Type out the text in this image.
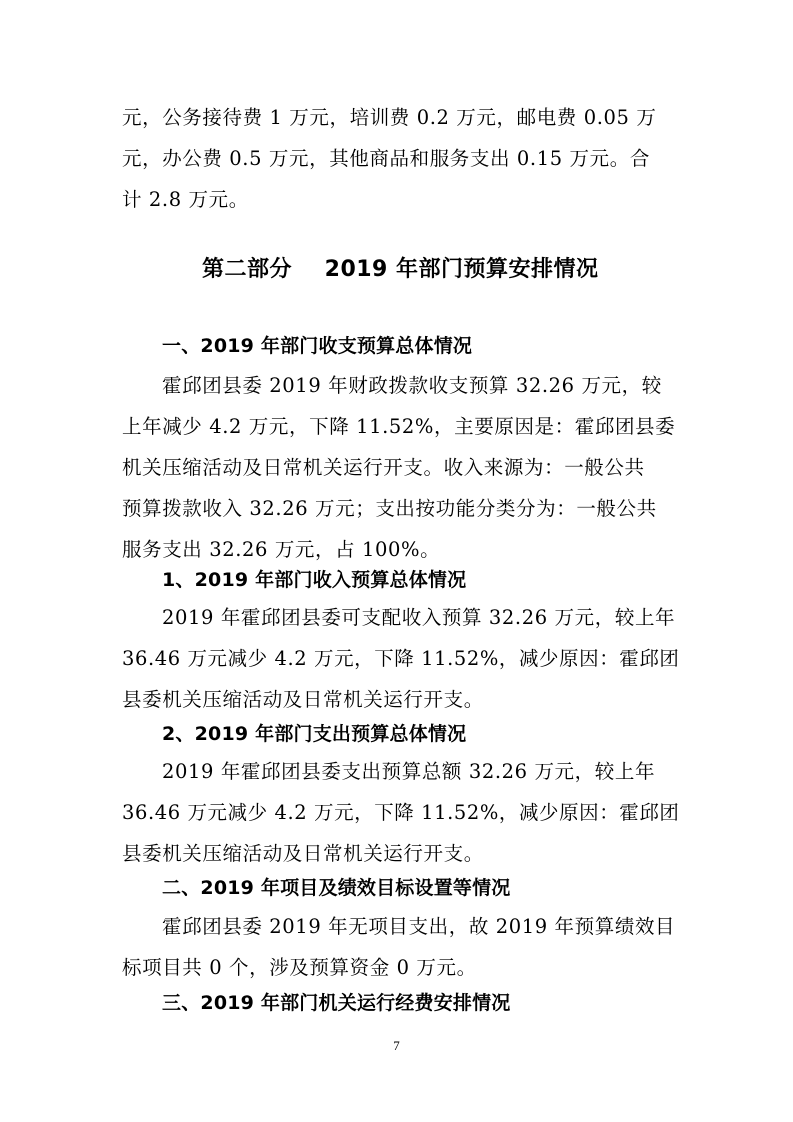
元，公务接待费 1 万元，培训费 0.2 万元，邮电费 0.05 万
元，办公费 0.5 万元，其他商品和服务支出 0.15 万元。合
计 2.8 万元。
第二部分    2019 年部门预算安排情况
一、2019 年部门收支预算总体情况
霍邱团县委 2019 年财政拨款收支预算 32.26 万元，较
上年减少 4.2 万元，下降 11.52%，主要原因是：霍邱团县委
机关压缩活动及日常机关运行开支。收入来源为：一般公共
预算拨款收入 32.26 万元；支出按功能分类分为：一般公共
服务支出 32.26 万元，占 100%。
1、2019 年部门收入预算总体情况
2019 年霍邱团县委可支配收入预算 32.26 万元，较上年
36.46 万元减少 4.2 万元，下降 11.52%，减少原因：霍邱团
县委机关压缩活动及日常机关运行开支。
2、2019 年部门支出预算总体情况
2019 年霍邱团县委支出预算总额 32.26 万元，较上年
36.46 万元减少 4.2 万元，下降 11.52%，减少原因：霍邱团
县委机关压缩活动及日常机关运行开支。
二、2019 年项目及绩效目标设置等情况
霍邱团县委 2019 年无项目支出，故 2019 年预算绩效目
标项目共 0 个，涉及预算资金 0 万元。
三、2019 年部门机关运行经费安排情况
7
